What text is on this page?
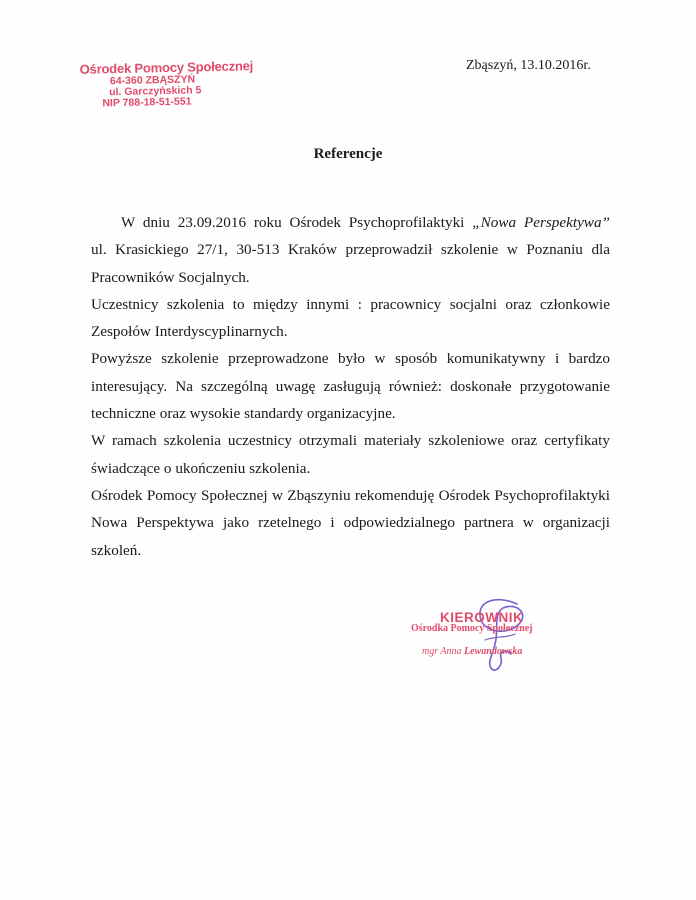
Ośrodek Pomocy Społecznej
64-360 ZBĄSZYŃ
ul. Garczyńskich 5
NIP 788-18-51-551
Zbąszyń, 13.10.2016r.
Referencje

W dniu 23.09.2016 roku Ośrodek Psychoprofilaktyki „Nowa Perspektywa”
ul. Krasickiego 27/1, 30-513 Kraków przeprowadził szkolenie w Poznaniu dla
Pracowników Socjalnych.

Uczestnicy szkolenia to między innymi : pracownicy socjalni oraz członkowie
Zespołów Interdyscyplinarnych.

Powyższe szkolenie przeprowadzone było w sposób komunikatywny i bardzo
interesujący. Na szczególną uwagę zasługują również: doskonałe przygotowanie
techniczne oraz wysokie standardy organizacyjne.

W ramach szkolenia uczestnicy otrzymali materiały szkoleniowe oraz certyfikaty
świadczące o ukończeniu szkolenia.

Ośrodek Pomocy Społecznej w Zbąszyniu rekomenduję Ośrodek Psychoprofilaktyki
Nowa Perspektywa jako rzetelnego i odpowiedzialnego partnera w organizacji
szkoleń.

KIEROWNIK
Ośrodka Pomocy Społecznej
mgr Anna Lewandowska
